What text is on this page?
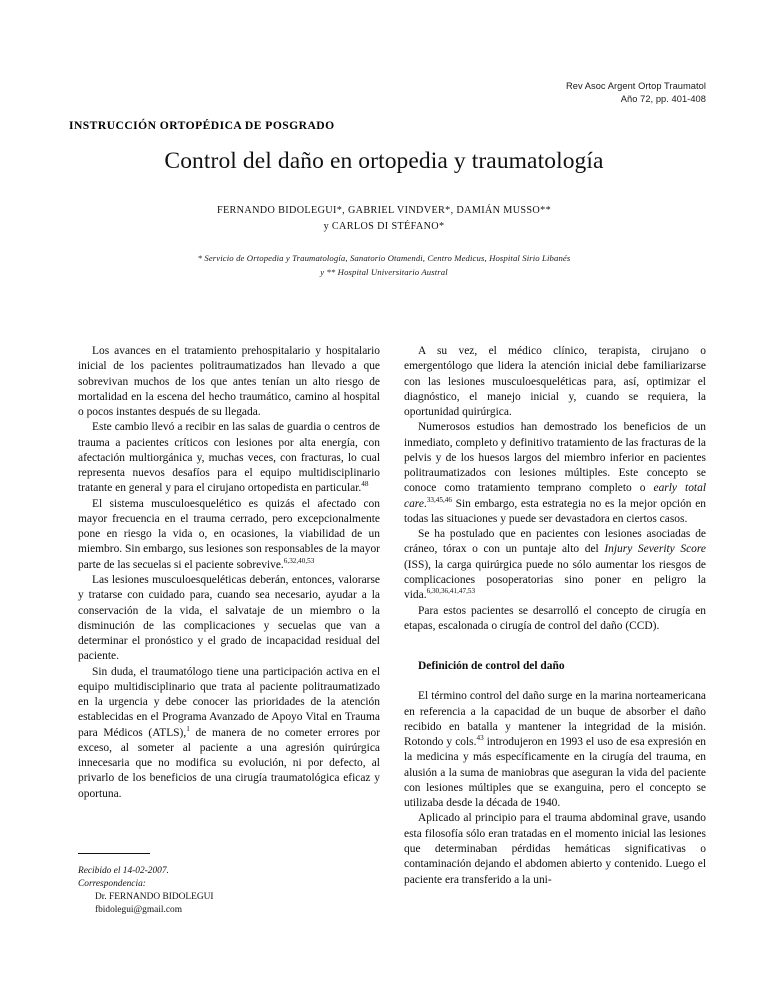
Rev Asoc Argent Ortop Traumatol
Año 72, pp. 401-408
INSTRUCCIÓN ORTOPÉDICA DE POSGRADO
Control del daño en ortopedia y traumatología
FERNANDO BIDOLEGUI*, GABRIEL VINDVER*, DAMIÁN MUSSO**
y CARLOS DI STÉFANO*
* Servicio de Ortopedia y Traumatología, Sanatorio Otamendi, Centro Medicus, Hospital Sirio Libanés
y ** Hospital Universitario Austral

Los avances en el tratamiento prehospitalario y hospitalario inicial de los pacientes politraumatizados han llevado a que sobrevivan muchos de los que antes tenían un alto riesgo de mortalidad en la escena del hecho traumático, camino al hospital o pocos instantes después de su llegada.

Este cambio llevó a recibir en las salas de guardia o centros de trauma a pacientes críticos con lesiones por alta energía, con afectación multiorgánica y, muchas veces, con fracturas, lo cual representa nuevos desafíos para el equipo multidisciplinario tratante en general y para el cirujano ortopedista en particular.$^{48}$

El sistema musculoesquelético es quizás el afectado con mayor frecuencia en el trauma cerrado, pero excepcionalmente pone en riesgo la vida o, en ocasiones, la viabilidad de un miembro. Sin embargo, sus lesiones son responsables de la mayor parte de las secuelas si el paciente sobrevive.$^{6,32,40,53}$

Las lesiones musculoesqueléticas deberán, entonces, valorarse y tratarse con cuidado para, cuando sea necesario, ayudar a la conservación de la vida, el salvataje de un miembro o la disminución de las complicaciones y secuelas que van a determinar el pronóstico y el grado de incapacidad residual del paciente.

Sin duda, el traumatólogo tiene una participación activa en el equipo multidisciplinario que trata al paciente politraumatizado en la urgencia y debe conocer las prioridades de la atención establecidas en el Programa Avanzado de Apoyo Vital en Trauma para Médicos (ATLS),$^1$ de manera de no cometer errores por exceso, al someter al paciente a una agresión quirúrgica innecesaria que no modifica su evolución, ni por defecto, al privarlo de los beneficios de una cirugía traumatológica eficaz y oportuna.

A su vez, el médico clínico, terapista, cirujano o emergentólogo que lidera la atención inicial debe familiarizarse con las lesiones musculoesqueléticas para, así, optimizar el diagnóstico, el manejo inicial y, cuando se requiera, la oportunidad quirúrgica.

Numerosos estudios han demostrado los beneficios de un inmediato, completo y definitivo tratamiento de las fracturas de la pelvis y de los huesos largos del miembro inferior en pacientes politraumatizados con lesiones múltiples. Este concepto se conoce como tratamiento temprano completo o early total care.$^{33,45,46}$ Sin embargo, esta estrategia no es la mejor opción en todas las situaciones y puede ser devastadora en ciertos casos.

Se ha postulado que en pacientes con lesiones asociadas de cráneo, tórax o con un puntaje alto del Injury Severity Score (ISS), la carga quirúrgica puede no sólo aumentar los riesgos de complicaciones posoperatorias sino poner en peligro la vida.$^{6,30,36,41,47,53}$

Para estos pacientes se desarrolló el concepto de cirugía en etapas, escalonada o cirugía de control del daño (CCD).

Definición de control del daño

El término control del daño surge en la marina norteamericana en referencia a la capacidad de un buque de absorber el daño recibido en batalla y mantener la integridad de la misión. Rotondo y cols.$^{43}$ introdujeron en 1993 el uso de esa expresión en la medicina y más específicamente en la cirugía del trauma, en alusión a la suma de maniobras que aseguran la vida del paciente con lesiones múltiples que se exanguina, pero el concepto se utilizaba desde la década de 1940.

Aplicado al principio para el trauma abdominal grave, usando esta filosofía sólo eran tratadas en el momento inicial las lesiones que determinaban pérdidas hemáticas significativas o contaminación dejando el abdomen abierto y contenido. Luego el paciente era transferido a la uni-

Recibido el 14-02-2007.

Correspondencia:

Dr. FERNANDO BIDOLEGUI

fbidolegui@gmail.com
